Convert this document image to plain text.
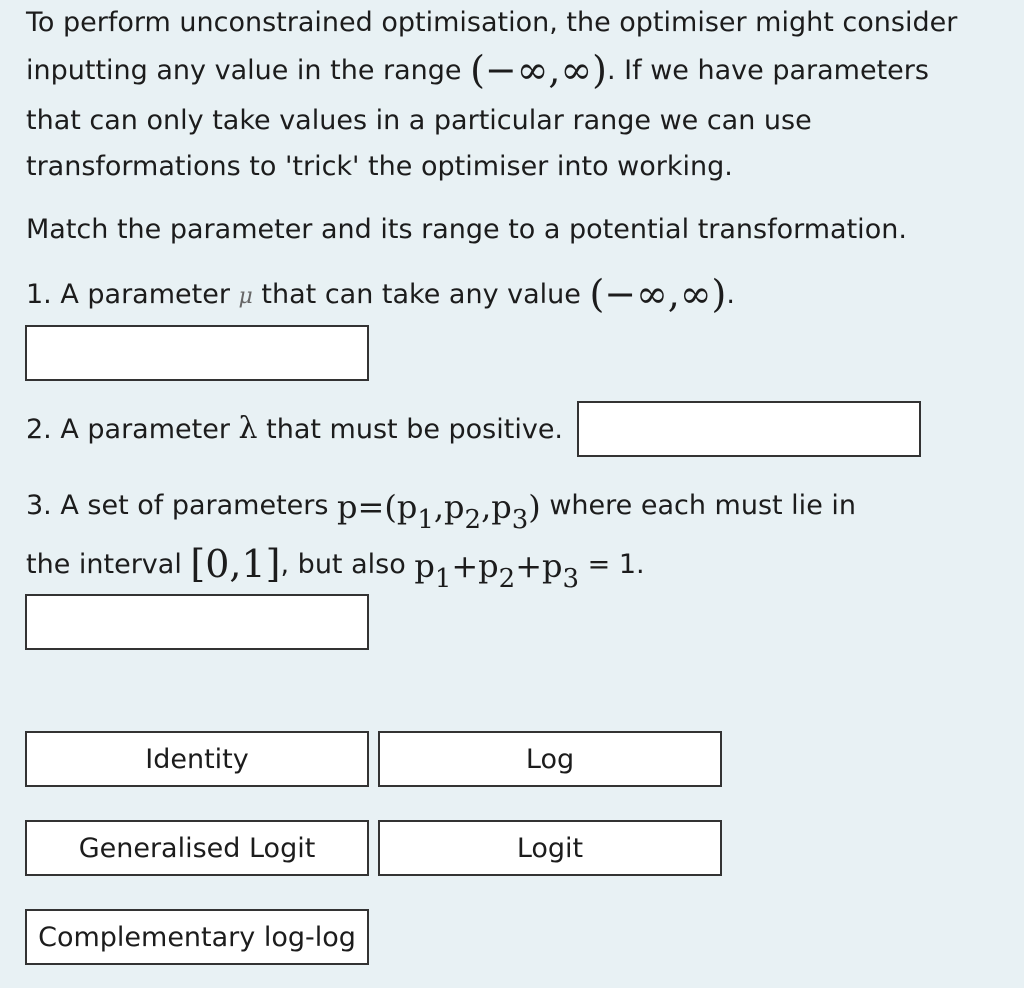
To perform unconstrained optimisation, the optimiser might consider

inputting any value in the range (−∞,∞). If we have parameters

that can only take values in a particular range we can use

transformations to 'trick' the optimiser into working.

Match the parameter and its range to a potential transformation.

1. A parameter μ that can take any value (−∞,∞).

2. A parameter λ that must be positive.

3. A set of parameters $p=(p_1,p_2,p_3)$ where each must lie in

the interval [0,1], but also $p_1+p_2+p_3 = 1$.

Identity	Log
Generalised Logit	Logit
Complementary log-log
